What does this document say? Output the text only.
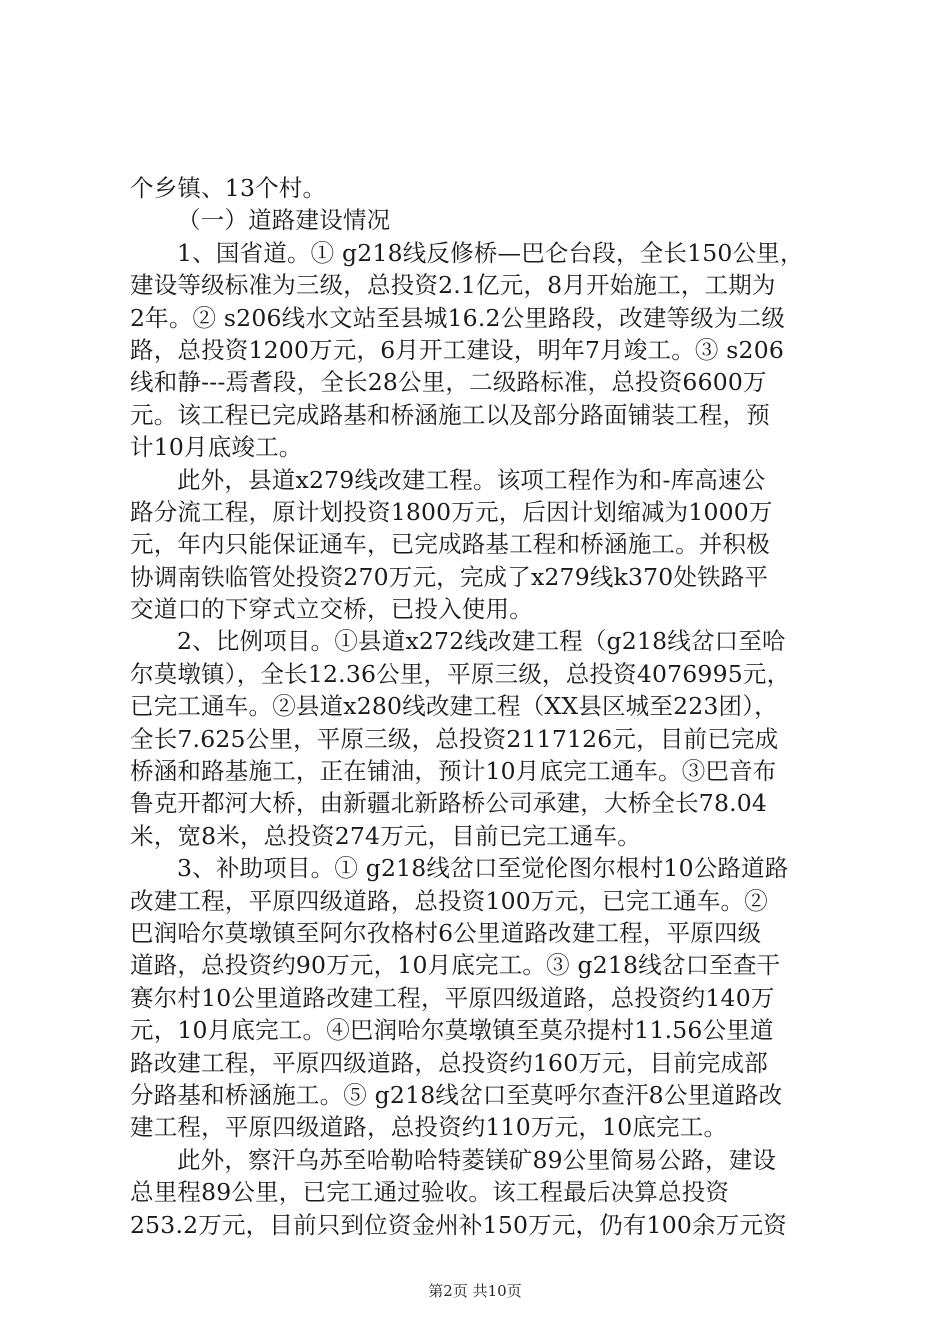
个乡镇、13个村。
（一）道路建设情况
1、国省道。① g218线反修桥—巴仑台段，全长150公里，
建设等级标准为三级，总投资2.1亿元，8月开始施工，工期为
2年。② s206线水文站至县城16.2公里路段，改建等级为二级
路，总投资1200万元，6月开工建设，明年7月竣工。③ s206
线和静---焉耆段，全长28公里，二级路标准，总投资6600万
元。该工程已完成路基和桥涵施工以及部分路面铺装工程，预
计10月底竣工。
此外，县道x279线改建工程。该项工程作为和-库高速公
路分流工程，原计划投资1800万元，后因计划缩减为1000万
元，年内只能保证通车，已完成路基工程和桥涵施工。并积极
协调南铁临管处投资270万元，完成了x279线k370处铁路平
交道口的下穿式立交桥，已投入使用。
2、比例项目。①县道x272线改建工程（g218线岔口至哈
尔莫墩镇），全长12.36公里，平原三级，总投资4076995元，
已完工通车。②县道x280线改建工程（XX县区城至223团），
全长7.625公里，平原三级，总投资2117126元，目前已完成
桥涵和路基施工，正在铺油，预计10月底完工通车。③巴音布
鲁克开都河大桥，由新疆北新路桥公司承建，大桥全长78.04
米，宽8米，总投资274万元，目前已完工通车。
3、补助项目。① g218线岔口至觉伦图尔根村10公路道路
改建工程，平原四级道路，总投资100万元，已完工通车。②
巴润哈尔莫墩镇至阿尔孜格村6公里道路改建工程，平原四级
道路，总投资约90万元，10月底完工。③ g218线岔口至查干
赛尔村10公里道路改建工程，平原四级道路，总投资约140万
元，10月底完工。④巴润哈尔莫墩镇至莫尕提村11.56公里道
路改建工程，平原四级道路，总投资约160万元，目前完成部
分路基和桥涵施工。⑤ g218线岔口至莫呼尔查汗8公里道路改
建工程，平原四级道路，总投资约110万元，10底完工。
此外，察汗乌苏至哈勒哈特菱镁矿89公里简易公路，建设
总里程89公里，已完工通过验收。该工程最后决算总投资
253.2万元，目前只到位资金州补150万元，仍有100余万元资
第2页 共10页
